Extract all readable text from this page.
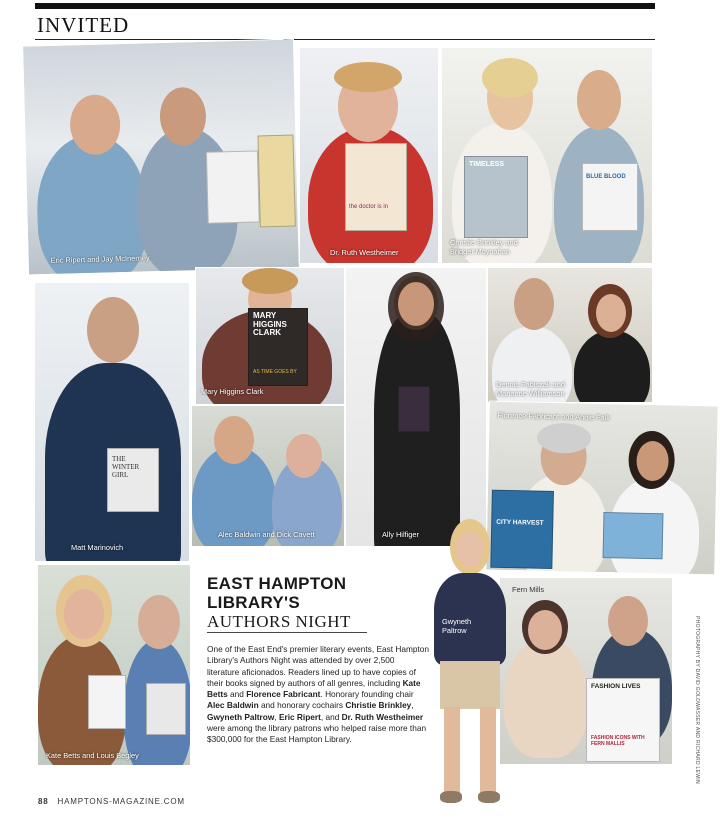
INVITED
Eric Ripert and Jay McInerney
the doctor is in
Dr. Ruth Westheimer
TIMELESS
BLUE BLOOD
Christie Brinkley and
Bridget Moynahan
MARY
HIGGINS
CLARK
AS TIME GOES BY
Mary Higgins Clark
Ally Hilfiger
Dennis Fabiszak and
Marianne Williamson
THE
WINTER
GIRL
Matt Marinovich
Alec Baldwin and Dick Cavett
CITY HARVEST
Florence Fabricant and Annie Falk
Kate Betts and Louis Begley
FASHION LIVES
FASHION ICONS WITH FERN MALLIS
Fern Mills
Gwyneth
Paltrow
EAST HAMPTON
LIBRARY'S
AUTHORS NIGHT
One of the East End's premier literary events, East Hampton Library's Authors Night was attended by over 2,500 literature aficionados. Readers lined up to have copies of their books signed by authors of all genres, including Kate Betts and Florence Fabricant. Honorary founding chair Alec Baldwin and honorary cochairs Christie Brinkley, Gwyneth Paltrow, Eric Ripert, and Dr. Ruth Westheimer were among the library patrons who helped raise more than $300,000 for the East Hampton Library.	PHOTOGRAPHY BY DAVID GOLDWASSER AND RICHARD LEWIN
88 HAMPTONS-MAGAZINE.COM
